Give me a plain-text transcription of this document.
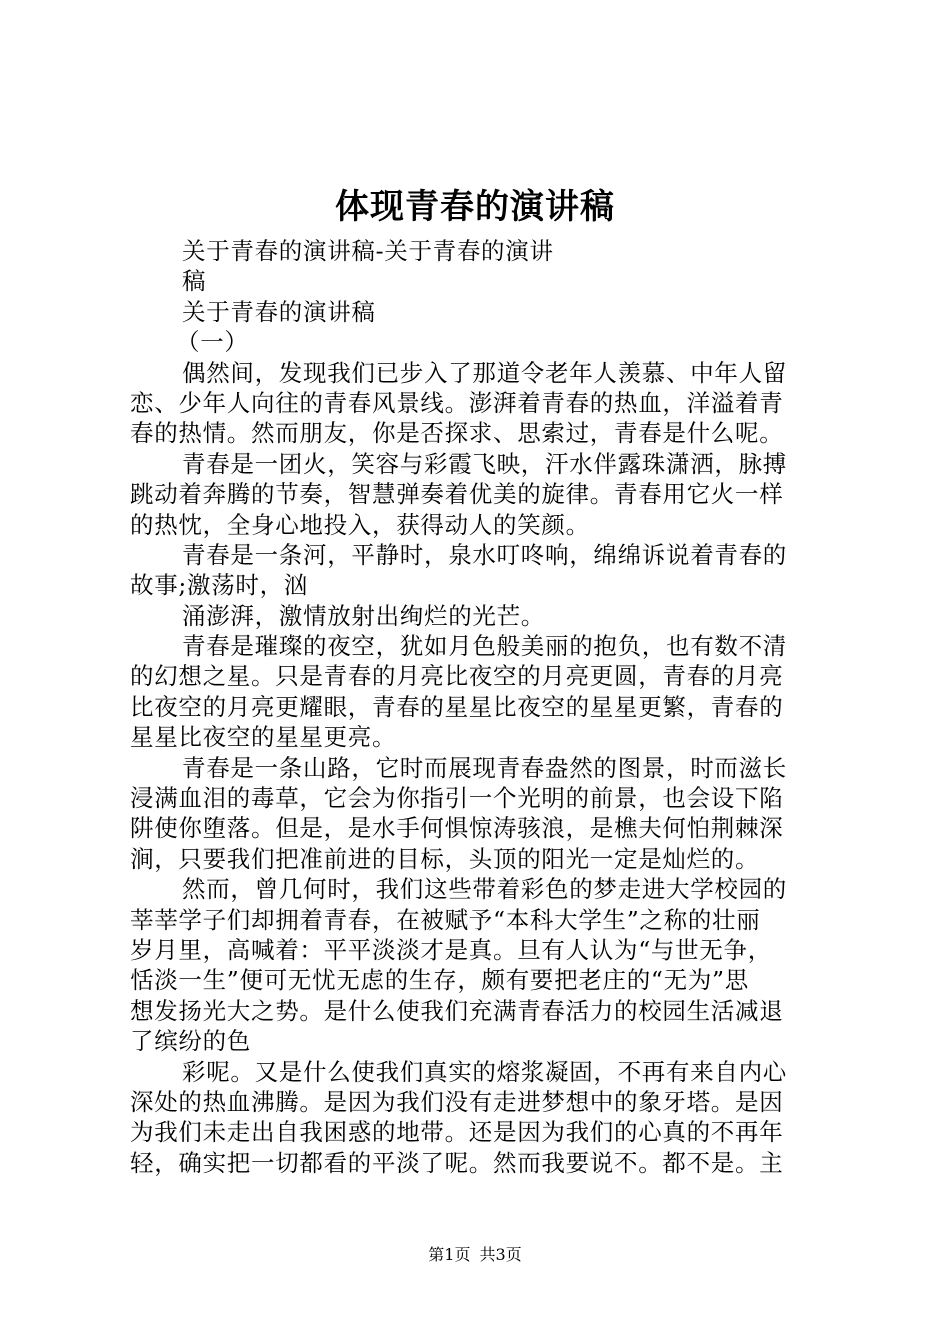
体现青春的演讲稿
关于青春的演讲稿-关于青春的演讲
稿
关于青春的演讲稿
（一）
偶然间，发现我们已步入了那道令老年人羡慕、中年人留
恋、少年人向往的青春风景线。澎湃着青春的热血，洋溢着青
春的热情。然而朋友，你是否探求、思索过，青春是什么呢。
青春是一团火，笑容与彩霞飞映，汗水伴露珠潇洒，脉搏
跳动着奔腾的节奏，智慧弹奏着优美的旋律。青春用它火一样
的热忱，全身心地投入，获得动人的笑颜。
青春是一条河，平静时，泉水叮咚响，绵绵诉说着青春的
故事;激荡时，汹
涌澎湃，激情放射出绚烂的光芒。
青春是璀璨的夜空，犹如月色般美丽的抱负，也有数不清
的幻想之星。只是青春的月亮比夜空的月亮更圆，青春的月亮
比夜空的月亮更耀眼，青春的星星比夜空的星星更繁，青春的
星星比夜空的星星更亮。
青春是一条山路，它时而展现青春盎然的图景，时而滋长
浸满血泪的毒草，它会为你指引一个光明的前景，也会设下陷
阱使你堕落。但是，是水手何惧惊涛骇浪，是樵夫何怕荆棘深
涧，只要我们把准前进的目标，头顶的阳光一定是灿烂的。
然而，曾几何时，我们这些带着彩色的梦走进大学校园的
莘莘学子们却拥着青春，在被赋予“本科大学生”之称的壮丽
岁月里，高喊着：平平淡淡才是真。旦有人认为“与世无争，
恬淡一生”便可无忧无虑的生存，颇有要把老庄的“无为”思
想发扬光大之势。是什么使我们充满青春活力的校园生活减退
了缤纷的色
彩呢。又是什么使我们真实的熔浆凝固，不再有来自内心
深处的热血沸腾。是因为我们没有走进梦想中的象牙塔。是因
为我们未走出自我困惑的地带。还是因为我们的心真的不再年
轻，确实把一切都看的平淡了呢。然而我要说不。都不是。主
第1页 共3页
